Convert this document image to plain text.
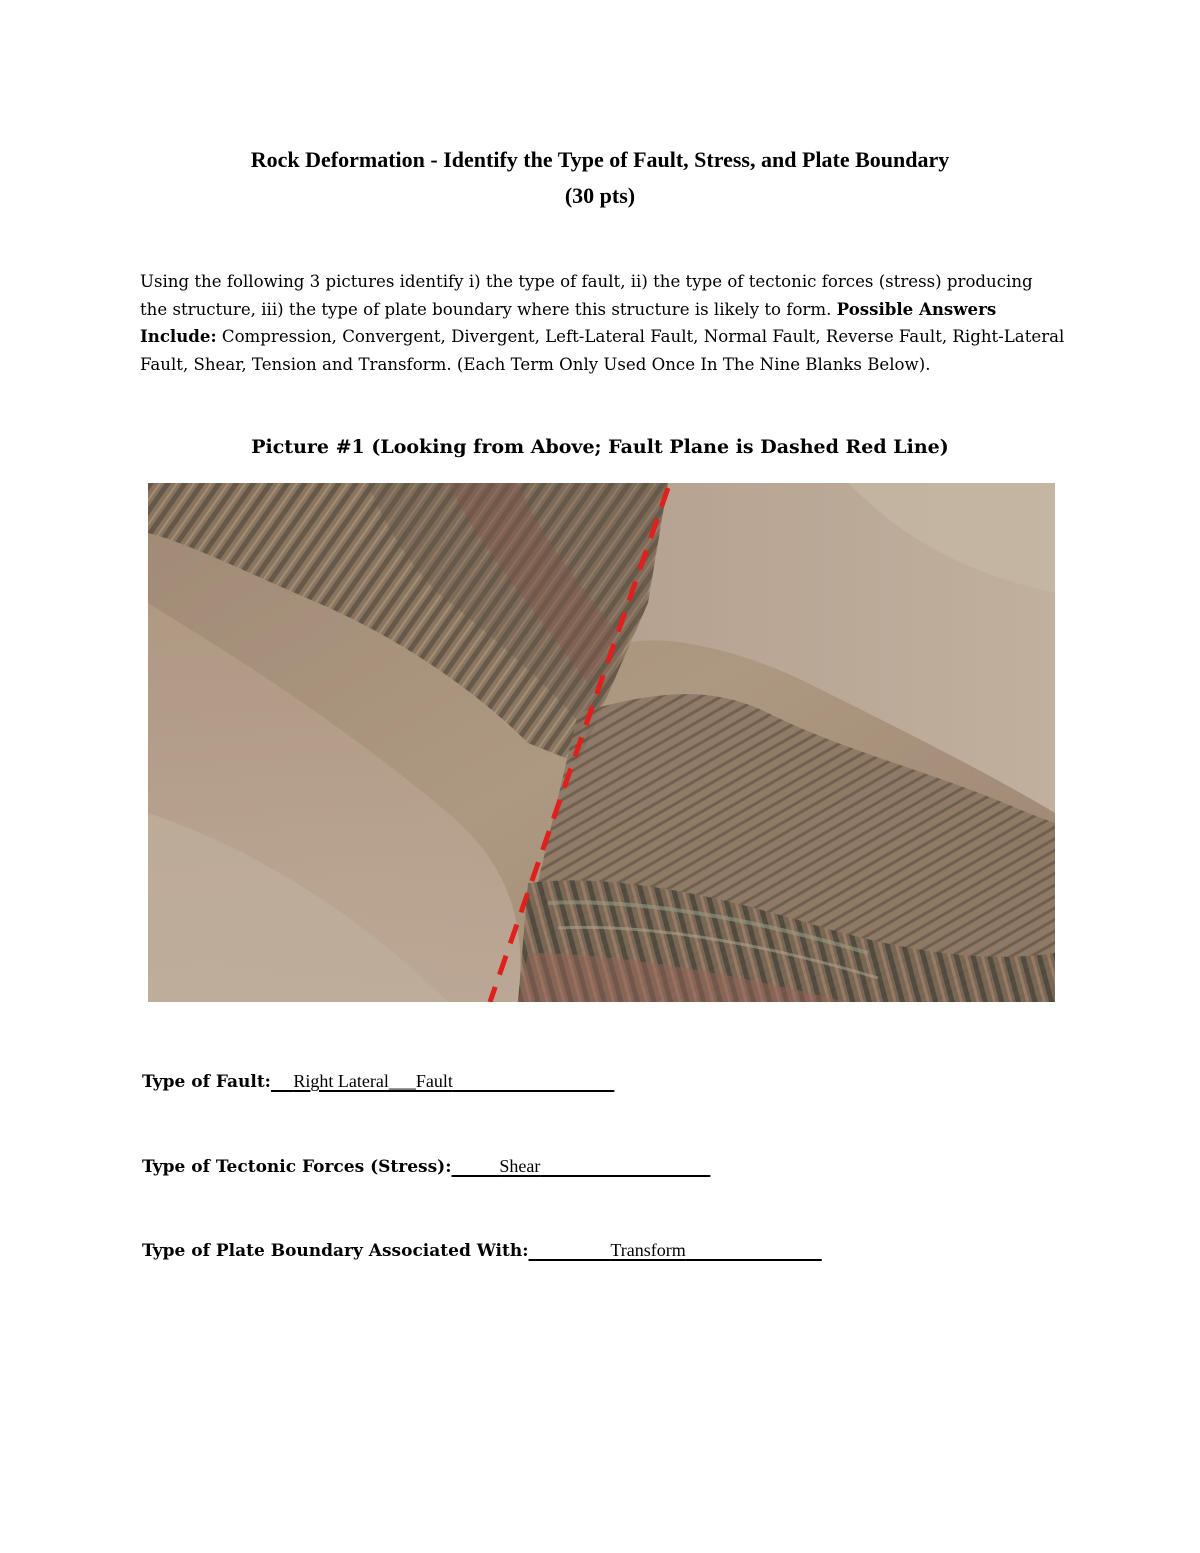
Rock Deformation - Identify the Type of Fault, Stress, and Plate Boundary
(30 pts)
Using the following 3 pictures identify i) the type of fault, ii) the type of tectonic forces (stress) producing the structure, iii) the type of plate boundary where this structure is likely to form. Possible Answers Include: Compression, Convergent, Divergent, Left-Lateral Fault, Normal Fault, Reverse Fault, Right-Lateral Fault, Shear, Tension and Transform. (Each Term Only Used Once In The Nine Blanks Below).
Picture #1 (Looking from Above; Fault Plane is Dashed Red Line)
Type of Fault: __Right Lateral___Fault___________________
Type of Tectonic Forces (Stress): _____Shear____________________
Type of Plate Boundary Associated With: _________Transform________________
